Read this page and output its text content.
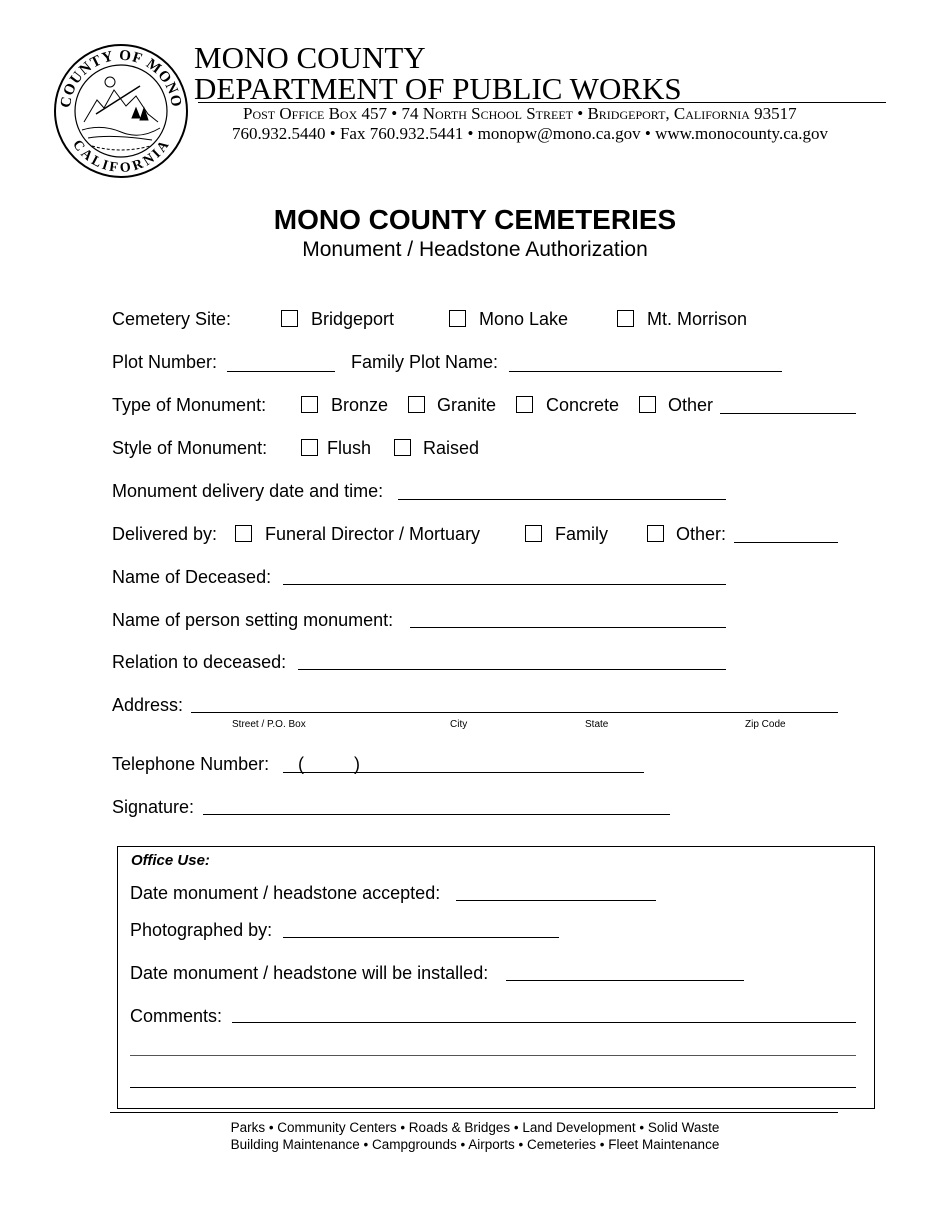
COUNTY OF MONO
CALIFORNIA
MONO COUNTY
DEPARTMENT OF PUBLIC WORKS
Post Office Box 457 • 74 North School Street • Bridgeport, California 93517
760.932.5440 • Fax 760.932.5441 • monopw@mono.ca.gov • www.monocounty.ca.gov
MONO COUNTY CEMETERIES
Monument / Headstone Authorization
Cemetery Site:	Bridgeport	Mono Lake	Mt. Morrison
Plot Number:	Family Plot Name:
Type of Monument:	Bronze	Granite	Concrete	Other
Style of Monument:	Flush	Raised
Monument delivery date and time:
Delivered by:	Funeral Director / Mortuary	Family	Other:
Name of Deceased:
Name of person setting monument:
Relation to deceased:
Address:
Street / P.O. Box	City	State	Zip Code
Telephone Number: (          )
Signature:
Office Use:
Date monument / headstone accepted:
Photographed by:
Date monument / headstone will be installed:
Comments:
Parks • Community Centers • Roads & Bridges • Land Development • Solid Waste
Building Maintenance • Campgrounds • Airports • Cemeteries • Fleet Maintenance
